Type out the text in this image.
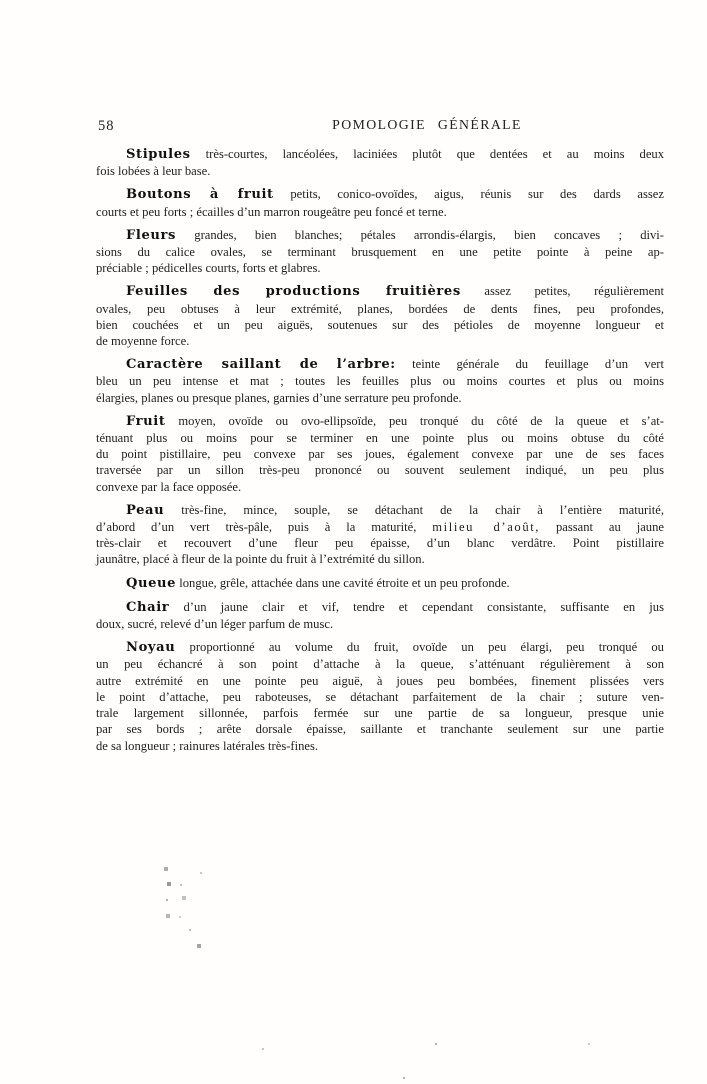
58	POMOLOGIE GÉNÉRALE

Stipules très-courtes, lancéolées, laciniées plutôt que dentées et au moins deux
fois lobées à leur base.

Boutons à fruit petits, conico-ovoïdes, aigus, réunis sur des dards assez
courts et peu forts ; écailles d’un marron rougeâtre peu foncé et terne.

Fleurs grandes, bien blanches; pétales arrondis-élargis, bien concaves ; divi-
sions du calice ovales, se terminant brusquement en une petite pointe à peine ap-
préciable ; pédicelles courts, forts et glabres.

Feuilles des productions fruitières assez petites, régulièrement
ovales, peu obtuses à leur extrémité, planes, bordées de dents fines, peu profondes,
bien couchées et un peu aiguës, soutenues sur des pétioles de moyenne longueur et
de moyenne force.

Caractère saillant de l’arbre: teinte générale du feuillage d’un vert
bleu un peu intense et mat ; toutes les feuilles plus ou moins courtes et plus ou moins
élargies, planes ou presque planes, garnies d’une serrature peu profonde.

Fruit moyen, ovoïde ou ovo-ellipsoïde, peu tronqué du côté de la queue et s’at-
ténuant plus ou moins pour se terminer en une pointe plus ou moins obtuse du côté
du point pistillaire, peu convexe par ses joues, également convexe par une de ses faces
traversée par un sillon très-peu prononcé ou souvent seulement indiqué, un peu plus
convexe par la face opposée.

Peau très-fine, mince, souple, se détachant de la chair à l’entière maturité,
d’abord d’un vert très-pâle, puis à la maturité, milieu d’août, passant au jaune
très-clair et recouvert d’une fleur peu épaisse, d’un blanc verdâtre. Point pistillaire
jaunâtre, placé à fleur de la pointe du fruit à l’extrémité du sillon.

Queue longue, grêle, attachée dans une cavité étroite et un peu profonde.

Chair d’un jaune clair et vif, tendre et cependant consistante, suffisante en jus
doux, sucré, relevé d’un léger parfum de musc.

Noyau proportionné au volume du fruit, ovoïde un peu élargi, peu tronqué ou
un peu échancré à son point d’attache à la queue, s’atténuant régulièrement à son
autre extrémité en une pointe peu aiguë, à joues peu bombées, finement plissées vers
le point d’attache, peu raboteuses, se détachant parfaitement de la chair ; suture ven-
trale largement sillonnée, parfois fermée sur une partie de sa longueur, presque unie
par ses bords ; arête dorsale épaisse, saillante et tranchante seulement sur une partie
de sa longueur ; rainures latérales très-fines.
